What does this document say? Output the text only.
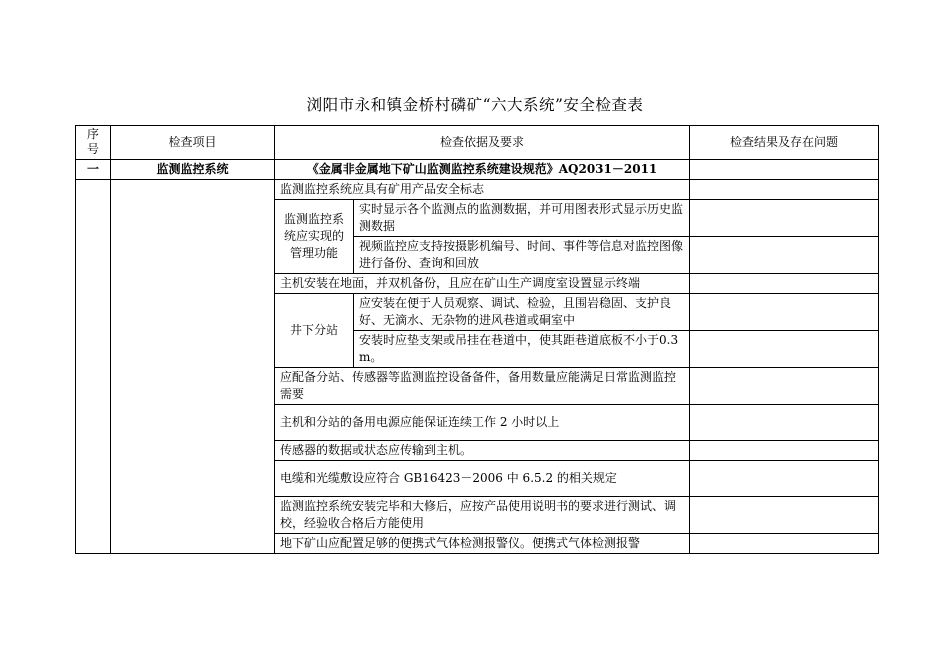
浏阳市永和镇金桥村磷矿“六大系统”安全检查表
序号	检查项目	检查依据及要求		检查结果及存在问题
一	监测监控系统	《金属非金属地下矿山监测监控系统建设规范》AQ2031－2011		
		监测监控系统应具有矿用产品安全标志		
		监测监控系统应实现的管理功能	实时显示各个监测点的监测数据，并可用图表形式显示历史监测数据	
			视频监控应支持按摄影机编号、时间、事件等信息对监控图像进行备份、查询和回放	
		主机安装在地面，并双机备份，且应在矿山生产调度室设置显示终端		
		井下分站	应安装在便于人员观察、调试、检验，且围岩稳固、支护良好、无滴水、无杂物的进风巷道或硐室中	
			安装时应垫支架或吊挂在巷道中，使其距巷道底板不小于0.3m。	
		应配备分站、传感器等监测监控设备备件，备用数量应能满足日常监测监控需要		
		主机和分站的备用电源应能保证连续工作 2 小时以上		
		传感器的数据或状态应传输到主机。		
		电缆和光缆敷设应符合 GB16423－2006 中 6.5.2 的相关规定		
		监测监控系统安装完毕和大修后，应按产品使用说明书的要求进行测试、调校，经验收合格后方能使用		
		地下矿山应配置足够的便携式气体检测报警仪。便携式气体检测报警		
